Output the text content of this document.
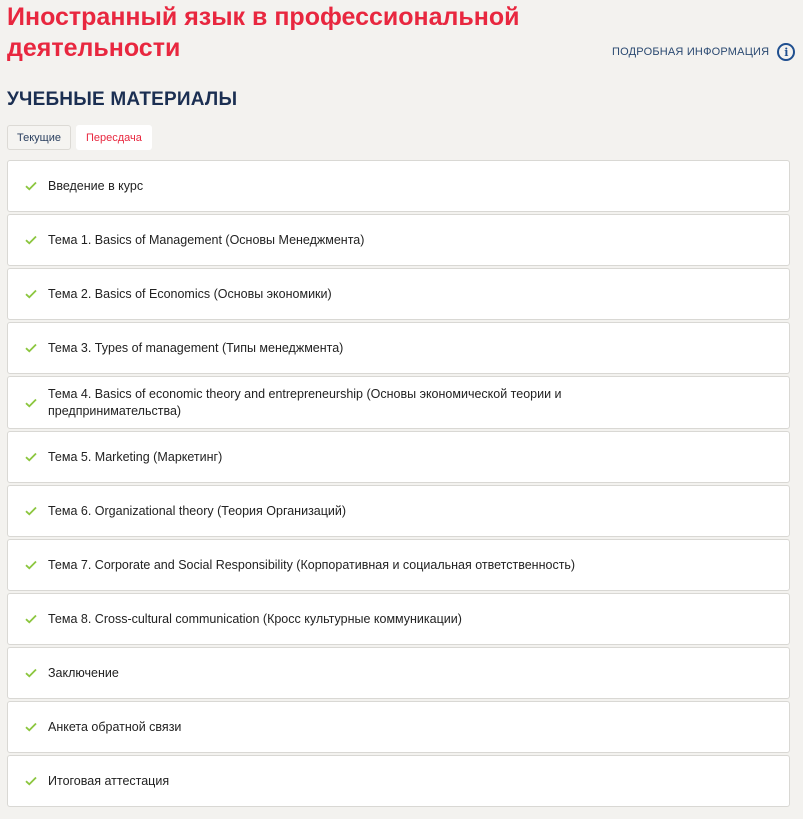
Иностранный язык в профессиональной деятельности	ПОДРОБНАЯ ИНФОРМАЦИЯ	i
УЧЕБНЫЕ МАТЕРИАЛЫ
Текущие	Пересдача
Введение в курс
Тема 1. Basics of Management (Основы Менеджмента)
Тема 2. Basics of Economics (Основы экономики)
Тема 3. Types of management (Типы менеджмента)
Тема 4. Basics of economic theory and entrepreneurship (Основы экономической теории и предпринимательства)
Тема 5. Marketing (Маркетинг)
Тема 6. Organizational theory (Теория Организаций)
Тема 7. Corporate and Social Responsibility (Корпоративная и социальная ответственность)
Тема 8. Cross-cultural communication (Кросс культурные коммуникации)
Заключение
Анкета обратной связи
Итоговая аттестация
